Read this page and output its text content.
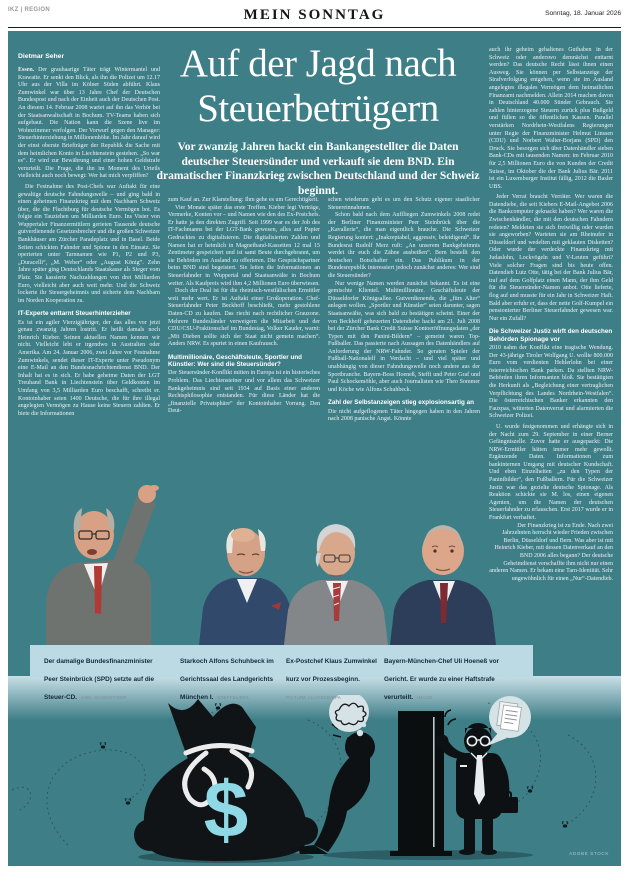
IKZ | REGION	MEIN SONNTAG	Sonntag, 18. Januar 2026
Auf der Jagd nach
Steuerbetrügern
Vor zwanzig Jahren hackt ein Bankangestellter die Daten deutscher Steuersünder und verkauft sie dem BND. Ein dramatischer Finanzkrieg zwischen Deutschland und der Schweiz beginnt.

Dietmar Seher

Essen. Der grauhaarige Täter trägt Wintermantel und Krawatte. Er senkt den Blick, als ihn die Polizei um 12.17 Uhr aus der Villa im Kölner Süden abführt. Klaus Zumwinkel war über 13 Jahre Chef der Deutschen Bundespost und nach der Einheit auch der Deutschen Post. An diesem 14. Februar 2008 wartet auf ihn das Verhör bei der Staatsanwaltschaft in Bochum. TV-Teams haben sich aufgebaut. Die Nation kann die Szene live im Wohnzimmer verfolgen. Der Vorwurf gegen den Manager: Steuerhinterziehung in Millionenhöhe. Im Jahr darauf wird der einst oberste Briefträger der Republik die Sache mit dem heimlichen Konto in Liechtenstein gestehen. „So war es“. Er wird zur Bewährung und einer hohen Geldstrafe verurteilt. Die Frage, die ihn im Moment des Urteils vielleicht auch noch bewegt: Wer hat mich verpfiffen?

Die Festnahme des Post-Chefs war Auftakt für eine gewaltige deutsche Fahndungswelle – und ging bald in einen geheimen Finanzkrieg mit dem Nachbarn Schweiz über, die die Fluchtburg für deutsche Vermögen bot. Es folgte ein Tauziehen um Milliarden Euro. Ins Visier von Wuppertaler Finanzermittlern gerieten Tausende deutsche gutverdienende Gesetzesbrecher und die großen Schweizer Bankhäuser am Zürcher Paradeplatz und in Basel. Beide Seiten schickten Fahnder und Spione in den Einsatz. Sie operierten unter Tarnnamen wie P1, P2 und P3, „Duracelli“, „M. Weber“ oder „August König“. Zehn Jahre später ging Deutschlands Staatskasse als Sieger vom Platz. Sie kassierte Nachzahlungen von drei Milliarden Euro, vielleicht aber auch weit mehr. Und die Schweiz lockerte ihr Steuergeheimnis und sicherte dem Nachbarn im Norden Kooperation zu.

IT-Experte enttarnt Steuerhinterzieher

Es ist ein agiler Vierzigjähriger, der das alles vor jetzt genau zwanzig Jahren lostritt. Er heißt damals noch Heinrich Kieber. Seinen aktuellen Namen kennen wir nicht. Vielleicht lebt er irgendwo in Australien oder Amerika. Am 24. Januar 2006, zwei Jahre vor Festnahme Zumwinkels, sendet dieser IT-Experte unter Pseudonym eine E-Mail an den Bundesnachrichtendienst BND. Der Inhalt hat es in sich. Er habe geheime Daten der LGT Treuhand Bank in Liechtenstein über Geldkonten im Umfang von 3,5 Milliarden Euro beschafft, schreibt er. Kontoinhaber seien 1400 Deutsche, die für ihre illegal angelegten Vermögen zu Hause keine Steuern zahlten. Er biete die Informationen

zum Kauf an. Zur Klarstellung: Ihm gehe es um Gerechtigkeit.

Vier Monate später das erste Treffen. Kieber legt Verträge, Vermerke, Konten vor – und Namen wie den des Ex-Postchefs. Er hatte ja den direkten Zugriff. Seit 1999 war es der Job des IT-Fachmanns bei der LGT-Bank gewesen, alles auf Papier Gedrucktes zu digitalisieren. Die digitalisierten Zahlen und Namen hat er heimlich in Magnetband-Kassetten 12 mal 15 Zentimeter gespeichert und ist samt Beute durchgebrannt, um sie Behörden im Ausland zu offerieren. Die Gesprächspartner beim BND sind begeistert. Sie leiten die Informationen an Steuerfahnder in Wuppertal und Staatsanwälte in Bochum weiter. Als Kaufpreis wird ihm 4,2 Millionen Euro überwiesen.

Doch der Deal ist für die rheinisch-westfälischen Ermittler weit mehr wert. Er ist Auftakt einer Großoperation. Chef-Steuerfahnder Peter Beckhoff beschließt, mehr gestohlene Daten-CD zu kaufen. Das riecht nach rechtlicher Grauzone. Mehrere Bundesländer verweigern die Mitarbeit und der CDU/CSU-Fraktionschef im Bundestag, Volker Kauder, warnt: „Mit Dieben sollte sich der Staat nicht gemein machen“. Anders NRW. Es spurtet in einen Kaufrausch.

Multimillionäre, Geschäftsleute, Sportler und Künstler: Wer sind die Steuersünder?

Der Steuersünder-Konflikt mitten in Europa ist ein historisches Problem. Das Liechtensteiner und vor allem das Schweizer Bankgeheimnis sind seit 1934 auf Basis einer anderen Rechtsphilosophie entstanden. Für diese Länder hat die „finanzielle Privatsphäre“ der Kontoinhaber Vorrang. Den Deut-

schen wiederum geht es um den Schutz eigener staatlicher Steuereinnahmen.

Schon bald nach dem Auffliegen Zumwinkels 2008 redet der Berliner Finanzminister Peer Steinbrück über die „Kavallerie“, die man eigentlich brauche. Die Schweizer Regierung kontert: „Inakzeptabel, aggressiv, beleidigend“. Ihr Bundesrat Rudolf Merz ruft: „An unserem Bankgeheimnis werdet ihr euch die Zähne ausbeißen“. Bern bestellt den deutschen Botschafter ein. Das Publikum in der Bundesrepublik interessiert jedoch zunächst anderes: Wer sind die Steuersünder?

Nur wenige Namen werden zunächst bekannt. Es ist eine gemischte Klientel. Multimillionäre. Geschäftsleute der Düsseldorfer Königsallee. Gutverdienende, die „fürs Alter“ anlegen wollen. „Sportler und Künstler“ seien darunter, sagen Staatsanwälte, was sich bald zu bestätigen scheint. Einer der von Beckhoff geheuerten Datendiebe hackt am 21. Juli 2008 bei der Zürcher Bank Credit Suisse Kontoeröffnungsdaten „der Typen mit den Panini-Bildern“ – gemeint waren Top-Fußballer. Das passierte nach Aussagen des Datenhändlers auf Anforderung der NRW-Fahnder. So geraten Spieler der Fußball-Nationalelf in Verdacht – und viel später und unabhängig von dieser Fahndungswelle noch andere aus der Sportbranche. Bayern-Boss Hoeneß, Steffi und Peter Graf und Paul Schockemöhle, aber auch Journalisten wie Theo Sommer und Köche wie Alfons Schuhbeck.

Zahl der Selbstanzeigen stieg explosionsartig an

Die nicht aufgeflogenen Täter hingegen haben in den Jahren nach 2008 panische Angst. Könnte

auch ihr geheim gehaltenes Guthaben in der Schweiz oder anderswo demnächst enttarnt werden? Das deutsche Recht lässt ihnen einen Ausweg. Sie können per Selbstanzeige der Strafverfolgung entgehen, wenn sie im Ausland angelegtes illegales Vermögen dem heimatlichen Finanzamt nachmelden. Allein 2014 machen davon in Deutschland 40.000 Sünder Gebrauch. Sie zahlen hinterzogene Steuern zurück plus Bußgeld und füllen so die öffentlichen Kassen. Parallel verstärken Nordrhein-Westfalens Regierungen unter Regie der Finanzminister Helmut Linssen (CDU) und Norbert Walter-Borjans (SPD) den Druck. Sie besorgen sich über Datenhändler sieben Bank-CDs mit tausenden Namen: im Februar 2010 für 2,5 Millionen Euro die von Kunden der Credit Suisse, im Oktober die der Bank Julius Bär. 2011 ist ein Luxemburger Institut fällig, 2012 die Basler UBS.

Jeder Verrat braucht Verräter. Wer waren die Datendiebe, die seit Kiebers E-Mail-Angebot 2006 die Bankcomputer geknackt haben? Wer waren die Zwischenhändler, die mit den deutschen Fahndern redeten? Meldeten sie sich freiwillig oder wurden sie angeworben? Warteten sie am Rheinufer in Düsseldorf und wedelten mit geklauten Disketten? Oder wurde der verdeckte Finanzkrieg mit Judaslohn, Lockvögeln und V-Leuten geführt? Viele solcher Fragen sind bis heute offen. Datendieb Lutz Otte, tätig bei der Bank Julius Bär, traf auf dem Golfplatz einen Mann, der ihm Geld für die Steuersünder-Namen anbot. Otte lieferte, flog auf und musste für ein Jahr in Schweizer Haft. Bald aber erfuhr er, dass der nette Golf-Kumpel ein pensionierter Berliner Steuerfahnder gewesen war. Nur ein Zufall?

Die Schweizer Justiz wirft den deutschen Behörden Spionage vor

2010 nahm der Konflikt eine tragische Wendung. Der 43-jährige Tiroler Wolfgang U. wollte 800.000 Euro vom verdienten Hehlerlohn bei einer österreichischen Bank parken. Da stellten NRW-Behörden ihren Informanten bloß. Sie bestätigten die Herkunft als „Begleichung einer vertraglichen Verpflichtung des Landes Nordrhein-Westfalen“. Die österreichischen Banker erkannten den Fauxpas, witterten Datenverrat und alarmierten die Schweizer Polizei.

U. wurde festgenommen und erhängte sich in der Nacht zum 29. September in einer Berner Gefängniszelle. Zuvor hatte er ausgepackt: Die NRW-Ermittler hätten immer mehr gewollt. Ergänzende Daten. Informationen zum bankinternen Umgang mit deutscher Kundschaft. Und eben Einzelheiten „zu den Typen der Paninibilder“, den Fußballern. Für die Schweizer Justiz war das gezielte deutsche Spionage. Als Reaktion schickte sie M. los, einen eigenen Agenten, um die Namen der deutschen Steuerfahnder zu erlauschen. Erst 2017 wurde er in Frankfurt verhaftet.

Der Finanzkrieg ist zu Ende. Nach zwei Jahrzehnten herrscht wieder Frieden zwischen Berlin, Düsseldorf und Bern. Was aber ist mit Heinrich Kieber, mit dessen Datenverkauf an den BND 2006 alles begann? Der deutsche Geheimdienst verschaffte ihm nicht nur einen anderen Namen. Er bekam eine Tarn-Identität. Sehr ungewöhnlich für einen „Nur“-Datendieb.

Der damalige Bundesfinanzminister Peer Steinbrück (SPD) setzte auf die Steuer-CD. AXEL SCHMIDT/DDP
Starkoch Alfons Schuhbeck im Gerichtssaal des Landgerichts München I. KNEFFEL/DPA
Ex-Postchef Klaus Zumwinkel kurz vor Prozessbeginn. PICTURE ALLIANCE/DPA
Bayern-München-Chef Uli Hoeneß vor Gericht. Er wurde zu einer Haftstrafe verurteilt. IMAGO
$	ADOBE STOCK
